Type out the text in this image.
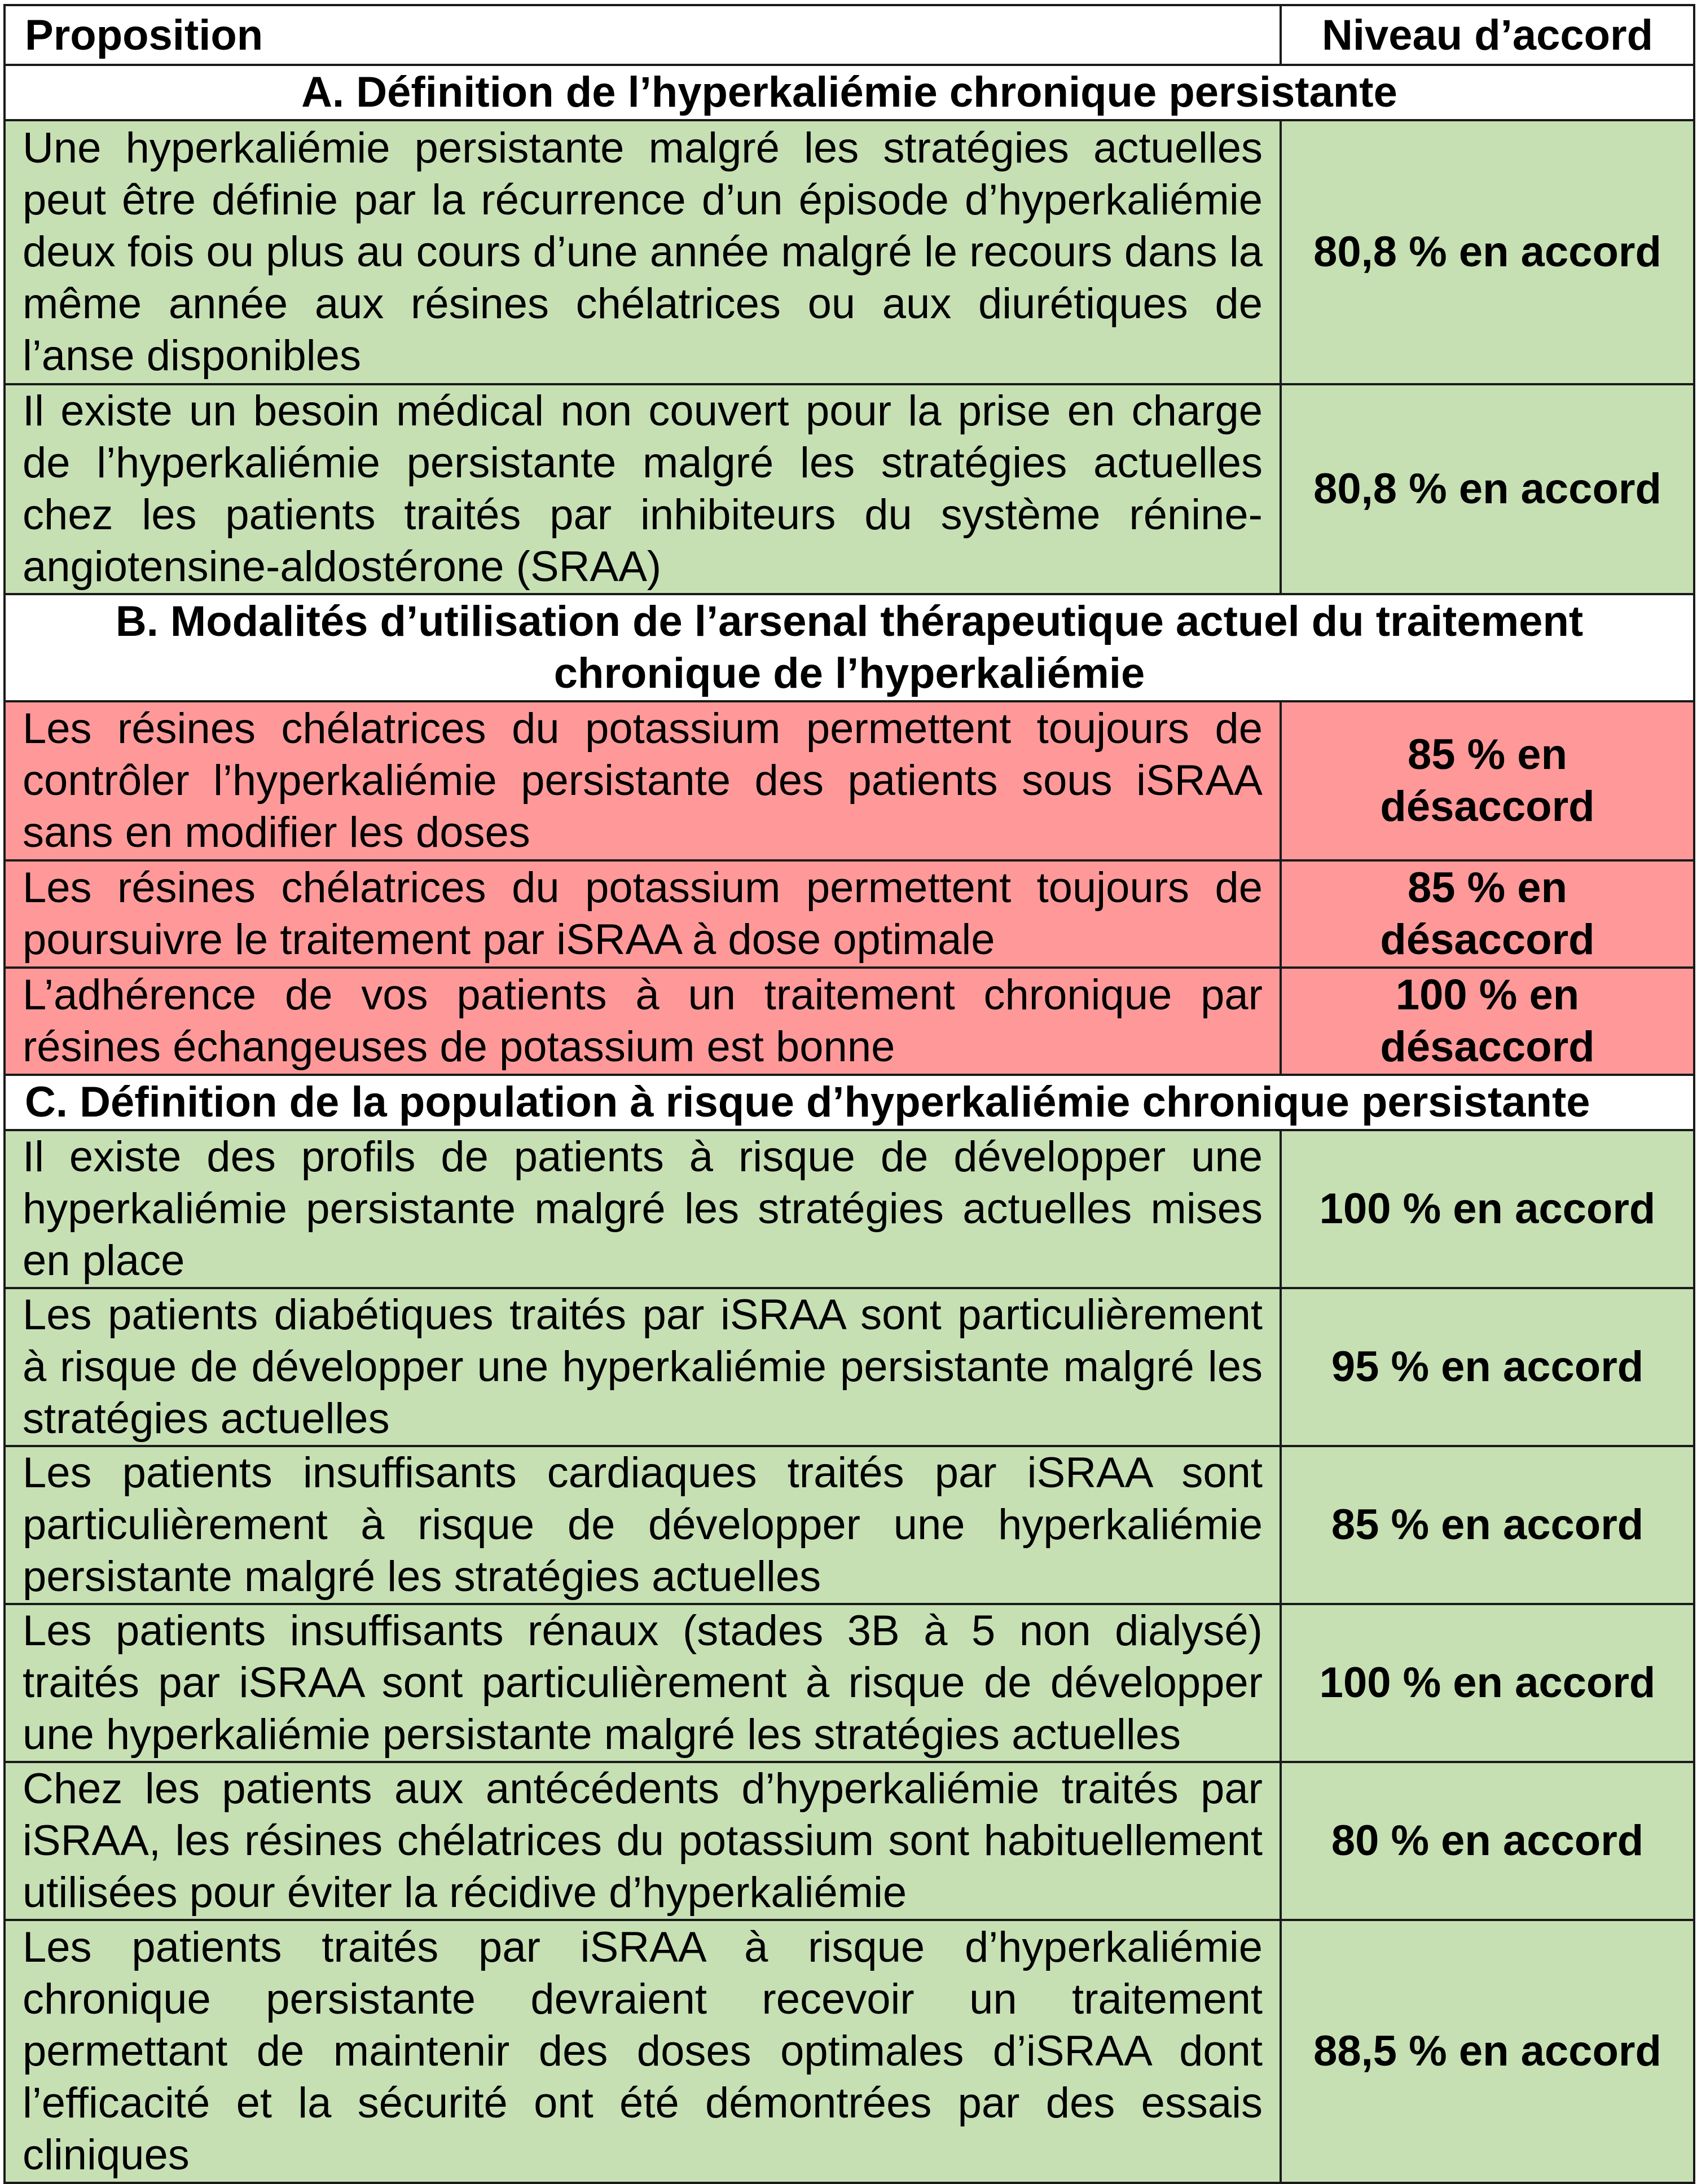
Proposition	Niveau d’accord
A. Définition de l’hyperkaliémie chronique persistante	
Une hyperkaliémie persistante malgré les stratégies actuelles peut être définie par la récurrence d’un épisode d’hyperkaliémie deux fois ou plus au cours d’une année malgré le recours dans la même année aux résines chélatrices ou aux diurétiques de l’anse disponibles	80,8 % en accord
Il existe un besoin médical non couvert pour la prise en charge de l’hyperkaliémie persistante malgré les stratégies actuelles chez les patients traités par inhibiteurs du système rénine-angiotensine-aldostérone (SRAA)	80,8 % en accord
B. Modalités d’utilisation de l’arsenal thérapeutique actuel du traitement chronique de l’hyperkaliémie	
Les résines chélatrices du potassium permettent toujours de contrôler l’hyperkaliémie persistante des patients sous iSRAA sans en modifier les doses	85 % en désaccord
Les résines chélatrices du potassium permettent toujours de poursuivre le traitement par iSRAA à dose optimale	85 % en désaccord
L’adhérence de vos patients à un traitement chronique par résines échangeuses de potassium est bonne	100 % en désaccord
C. Définition de la population à risque d’hyperkaliémie chronique persistante	
Il existe des profils de patients à risque de développer une hyperkaliémie persistante malgré les stratégies actuelles mises en place	100 % en accord
Les patients diabétiques traités par iSRAA sont particulièrement à risque de développer une hyperkaliémie persistante malgré les stratégies actuelles	95 % en accord
Les patients insuffisants cardiaques traités par iSRAA sont particulièrement à risque de développer une hyperkaliémie persistante malgré les stratégies actuelles	85 % en accord
Les patients insuffisants rénaux (stades 3B à 5 non dialysé) traités par iSRAA sont particulièrement à risque de développer une hyperkaliémie persistante malgré les stratégies actuelles	100 % en accord
Chez les patients aux antécédents d’hyperkaliémie traités par iSRAA, les résines chélatrices du potassium sont habituellement utilisées pour éviter la récidive d’hyperkaliémie	80 % en accord
Les patients traités par iSRAA à risque d’hyperkaliémie chronique persistante devraient recevoir un traitement permettant de maintenir des doses optimales d’iSRAA dont l’efficacité et la sécurité ont été démontrées par des essais cliniques	88,5 % en accord
